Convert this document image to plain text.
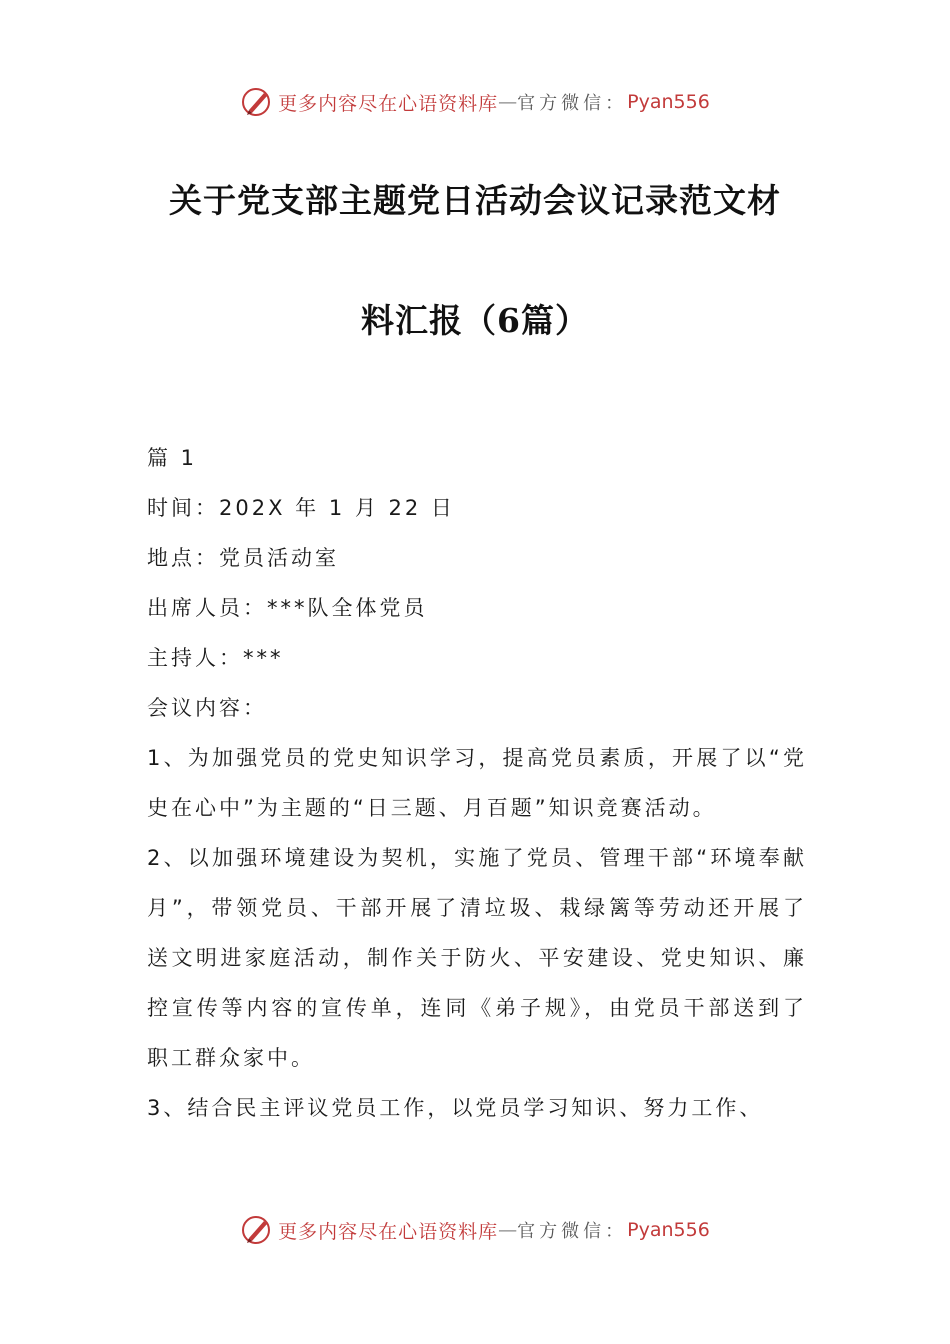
更多内容尽在心语资料库 — 官方微信： Pyan556
关于党支部主题党日活动会议记录范文材
料汇报（6篇）

篇 1

时间：202X 年 1 月 22 日

地点：党员活动室

出席人员：***队全体党员

主持人：***

会议内容：

1、为加强党员的党史知识学习，提高党员素质，开展了以“党史在心中”为主题的“日三题、月百题”知识竞赛活动。

2、以加强环境建设为契机，实施了党员、管理干部“环境奉献月”，带领党员、干部开展了清垃圾、栽绿篱等劳动还开展了送文明进家庭活动，制作关于防火、平安建设、党史知识、廉控宣传等内容的宣传单，连同《弟子规》，由党员干部送到了职工群众家中。

3、结合民主评议党员工作，以党员学习知识、努力工作、

更多内容尽在心语资料库 — 官方微信： Pyan556
